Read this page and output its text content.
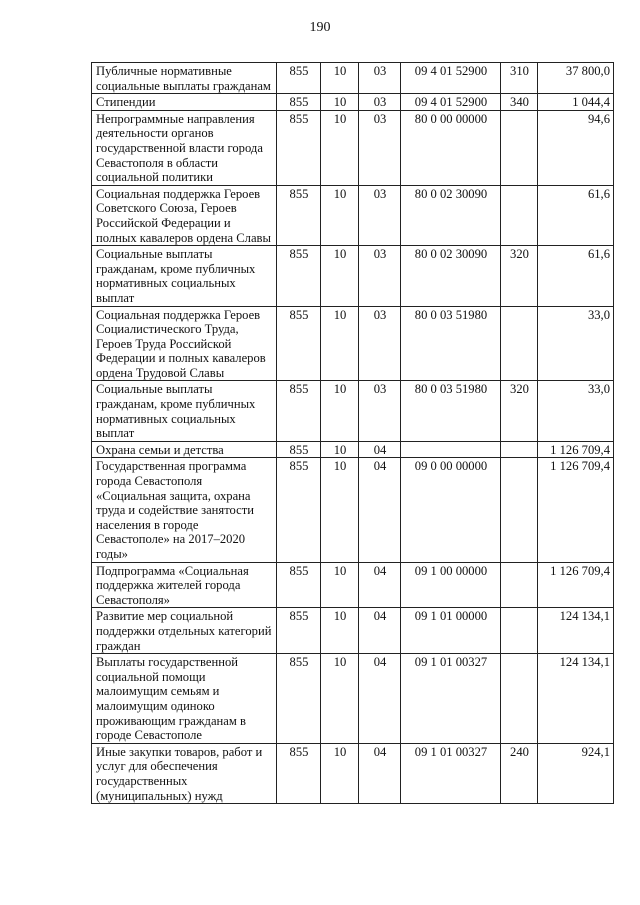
190
Публичные нормативные социальные выплаты гражданам	855	10	03	09 4 01 52900	310	37 800,0
Стипендии	855	10	03	09 4 01 52900	340	1 044,4
Непрограммные направления деятельности органов государственной власти города Севастополя в области социальной политики	855	10	03	80 0 00 00000		94,6
Социальная поддержка Героев Советского Союза, Героев Российской Федерации и полных кавалеров ордена Славы	855	10	03	80 0 02 30090		61,6
Социальные выплаты гражданам, кроме публичных нормативных социальных выплат	855	10	03	80 0 02 30090	320	61,6
Социальная поддержка Героев Социалистического Труда, Героев Труда Российской Федерации и полных кавалеров ордена Трудовой Славы	855	10	03	80 0 03 51980		33,0
Социальные выплаты гражданам, кроме публичных нормативных социальных выплат	855	10	03	80 0 03 51980	320	33,0
Охрана семьи и детства	855	10	04			1 126 709,4
Государственная программа города Севастополя «Социальная защита, охрана труда и содействие занятости населения в городе Севастополе» на 2017–2020 годы»	855	10	04	09 0 00 00000		1 126 709,4
Подпрограмма «Социальная поддержка жителей города Севастополя»	855	10	04	09 1 00 00000		1 126 709,4
Развитие мер социальной поддержки отдельных категорий граждан	855	10	04	09 1 01 00000		124 134,1
Выплаты государственной социальной помощи малоимущим семьям и малоимущим одиноко проживающим гражданам в городе Севастополе	855	10	04	09 1 01 00327		124 134,1
Иные закупки товаров, работ и услуг для обеспечения государственных (муниципальных) нужд	855	10	04	09 1 01 00327	240	924,1
